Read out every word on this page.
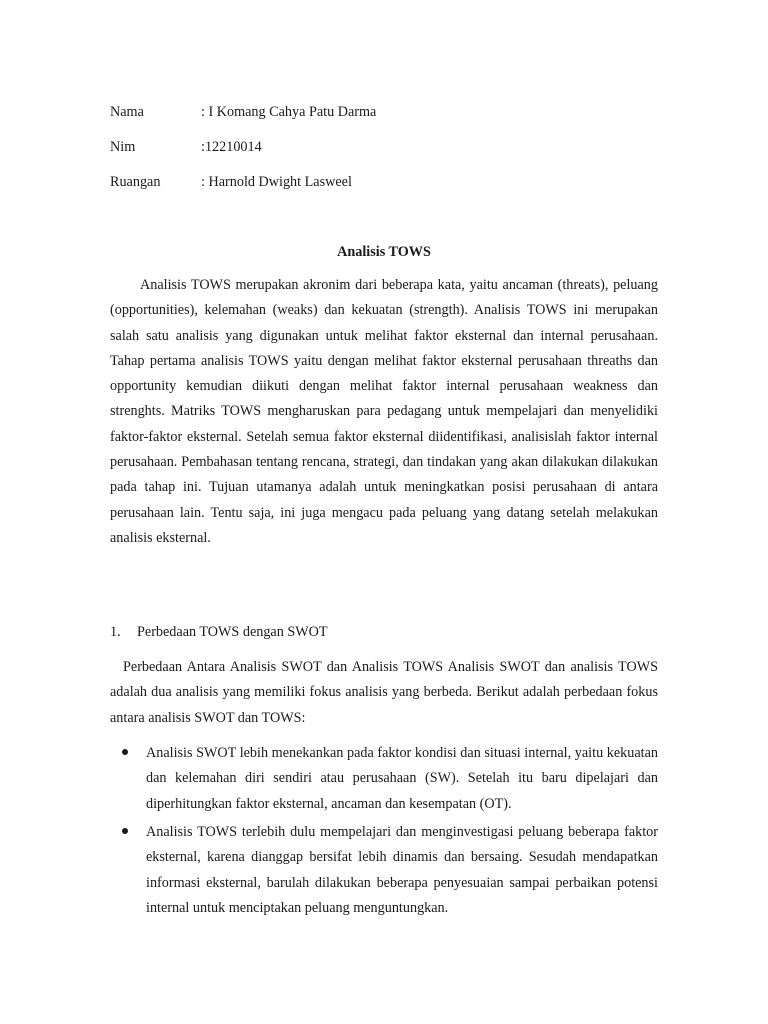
Nama	: I Komang Cahya Patu Darma
Nim	:12210014
Ruangan	: Harnold Dwight Lasweel
Analisis TOWS

Analisis TOWS merupakan akronim dari beberapa kata, yaitu ancaman (threats), peluang (opportunities), kelemahan (weaks) dan kekuatan (strength). Analisis TOWS ini merupakan salah satu analisis yang digunakan untuk melihat faktor eksternal dan internal perusahaan. Tahap pertama analisis TOWS yaitu dengan melihat faktor eksternal perusahaan threaths dan opportunity kemudian diikuti dengan melihat faktor internal perusahaan weakness dan strenghts. Matriks TOWS mengharuskan para pedagang untuk mempelajari dan menyelidiki faktor-faktor eksternal. Setelah semua faktor eksternal diidentifikasi, analisislah faktor internal perusahaan. Pembahasan tentang rencana, strategi, dan tindakan yang akan dilakukan dilakukan pada tahap ini. Tujuan utamanya adalah untuk meningkatkan posisi perusahaan di antara perusahaan lain. Tentu saja, ini juga mengacu pada peluang yang datang setelah melakukan analisis eksternal.

1. Perbedaan TOWS dengan SWOT

Perbedaan Antara Analisis SWOT dan Analisis TOWS Analisis SWOT dan analisis TOWS adalah dua analisis yang memiliki fokus analisis yang berbeda. Berikut adalah perbedaan fokus antara analisis SWOT dan TOWS:

Analisis SWOT lebih menekankan pada faktor kondisi dan situasi internal, yaitu kekuatan dan kelemahan diri sendiri atau perusahaan (SW). Setelah itu baru dipelajari dan diperhitungkan faktor eksternal, ancaman dan kesempatan (OT).
Analisis TOWS terlebih dulu mempelajari dan menginvestigasi peluang beberapa faktor eksternal, karena dianggap bersifat lebih dinamis dan bersaing. Sesudah mendapatkan informasi eksternal, barulah dilakukan beberapa penyesuaian sampai perbaikan potensi internal untuk menciptakan peluang menguntungkan.
